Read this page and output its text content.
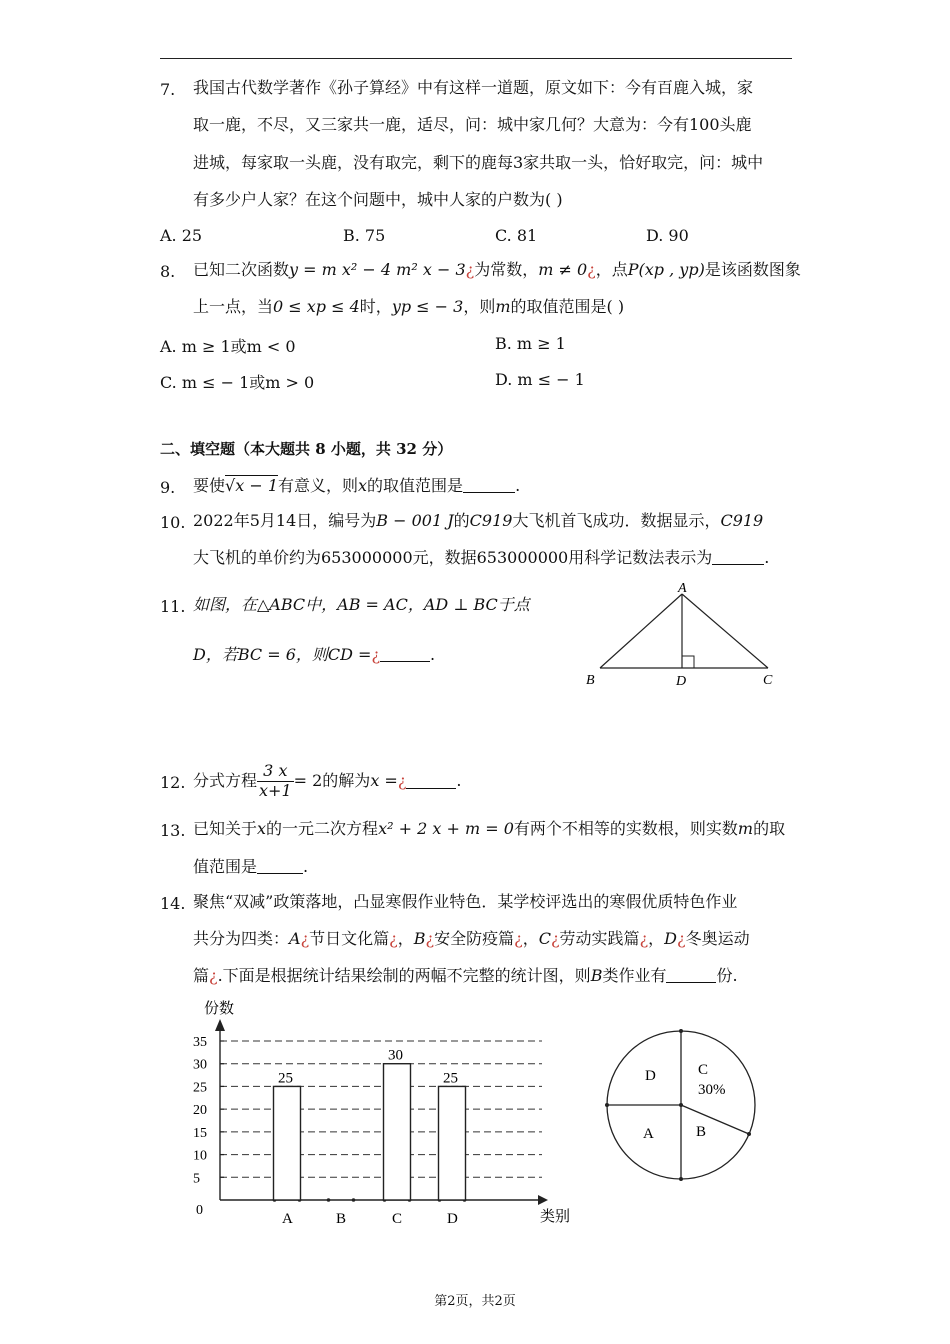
7. 我国古代数学著作《孙子算经》中有这样一道题，原文如下：今有百鹿入城，家
取一鹿，不尽，又三家共一鹿，适尽，问：城中家几何？大意为：今有100头鹿
进城，每家取一头鹿，没有取完，剩下的鹿每3家共取一头，恰好取完，问：城中
有多少户人家？在这个问题中，城中人家的户数为( )
A. 25	B. 75	C. 81	D. 90
8. 已知二次函数y = m x² − 4 m² x − 3¿为常数，m ≠ 0¿，点P(xp , yp)是该函数图象
上一点，当0 ≤ xp ≤ 4时，yp ≤ − 3，则m的取值范围是( )
A. m ≥ 1或m < 0	B. m ≥ 1
C. m ≤ − 1或m > 0	D. m ≤ − 1
二、填空题（本大题共 8 小题，共 32 分）
9. 要使√x − 1有意义，则x的取值范围是	.
10. 2022年5月14日，编号为B − 001 J的C919大飞机首飞成功．数据显示，C919
大飞机的单价约为653000000元，数据653000000用科学记数法表示为	.
11. 如图，在△ABC中，AB = AC，AD ⊥ BC于点
D，若BC = 6，则CD =¿	.
A
B	D	C
12. 分式方程 $\frac{3 x}{x+1} = 2$的解为 x = ¿	.
13. 已知关于x的一元二次方程x² + 2 x + m = 0有两个不相等的实数根，则实数m的取
值范围是	.
14. 聚焦“双减”政策落地，凸显寒假作业特色．某学校评选出的寒假优质特色作业
共分为四类：A¿节日文化篇¿，B¿安全防疫篇¿，C¿劳动实践篇¿，D¿冬奥运动
篇¿.下面是根据统计结果绘制的两幅不完整的统计图，则B类作业有	份.
份数
类别
0
5
10
15
20
25
30
35
A	B	C	D
25
30
25
C
30%
D
A	B
第2页，共2页
